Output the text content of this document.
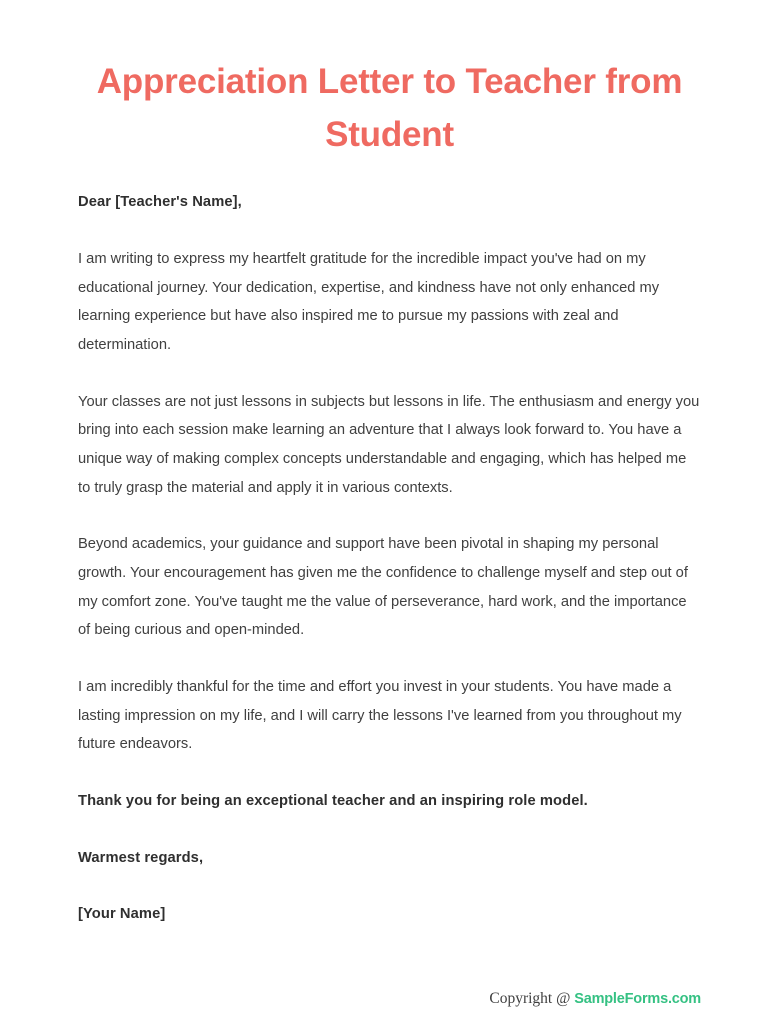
Appreciation Letter to Teacher from Student

Dear [Teacher's Name],

I am writing to express my heartfelt gratitude for the incredible impact you've had on my educational journey. Your dedication, expertise, and kindness have not only enhanced my learning experience but have also inspired me to pursue my passions with zeal and determination.

Your classes are not just lessons in subjects but lessons in life. The enthusiasm and energy you bring into each session make learning an adventure that I always look forward to. You have a unique way of making complex concepts understandable and engaging, which has helped me to truly grasp the material and apply it in various contexts.

Beyond academics, your guidance and support have been pivotal in shaping my personal growth. Your encouragement has given me the confidence to challenge myself and step out of my comfort zone. You've taught me the value of perseverance, hard work, and the importance of being curious and open-minded.

I am incredibly thankful for the time and effort you invest in your students. You have made a lasting impression on my life, and I will carry the lessons I've learned from you throughout my future endeavors.

Thank you for being an exceptional teacher and an inspiring role model.

Warmest regards,

[Your Name]

Copyright @ SampleForms.com
